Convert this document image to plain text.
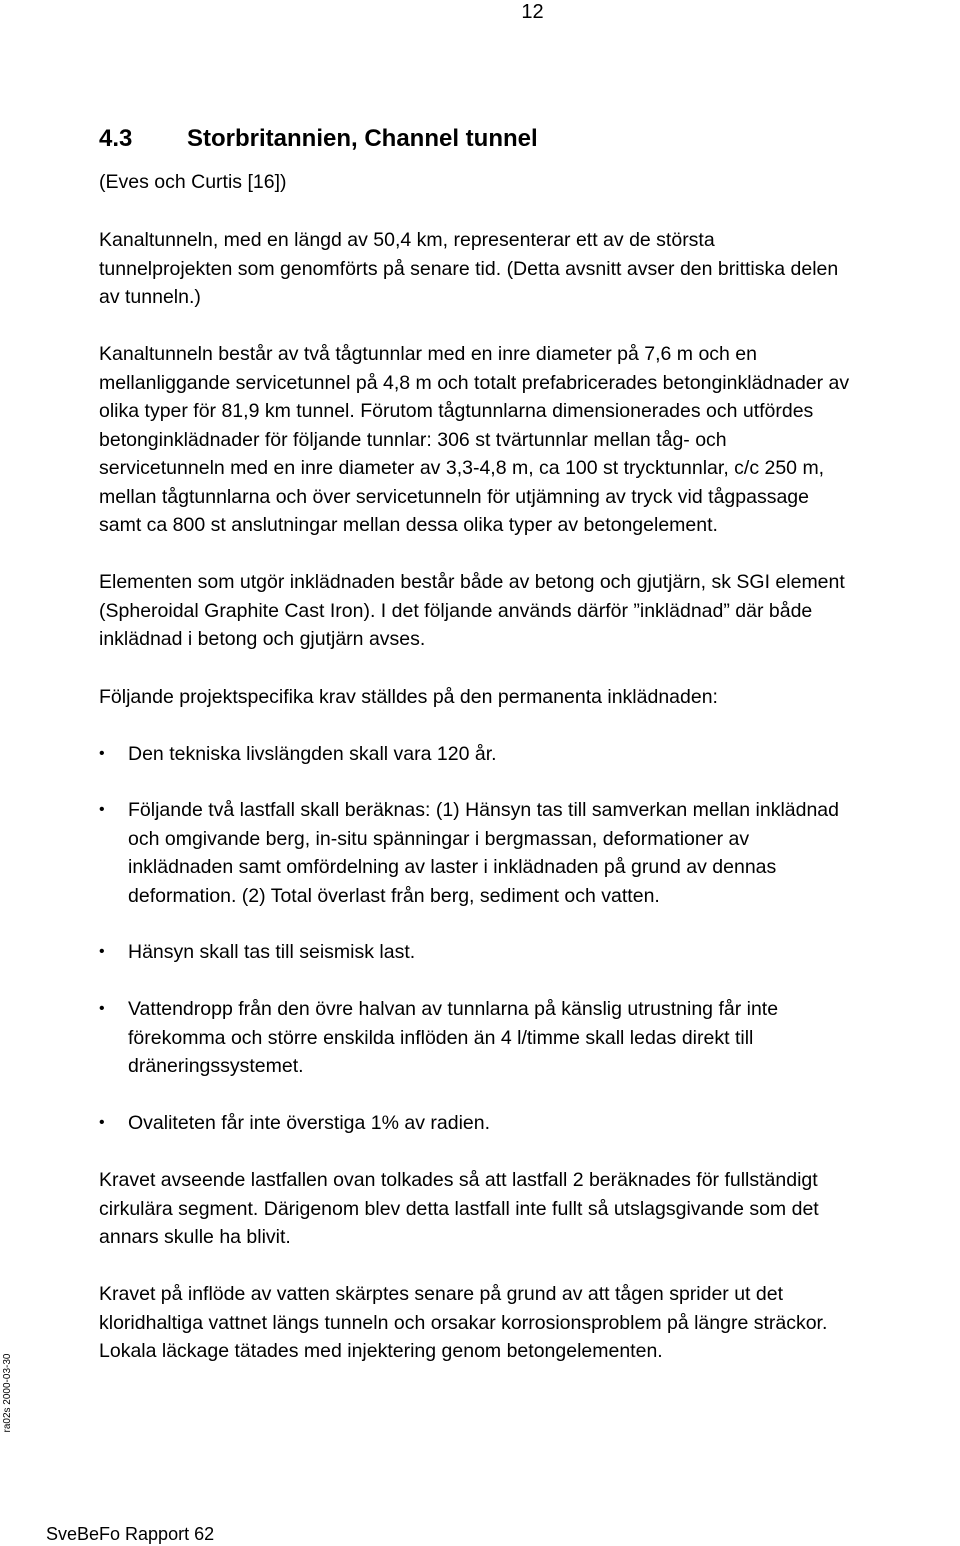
12
4.3 Storbritannien, Channel tunnel
(Eves och Curtis [16])
Kanaltunneln, med en längd av 50,4 km, representerar ett av de största
tunnelprojekten som genomförts på senare tid. (Detta avsnitt avser den brittiska delen
av tunneln.)
Kanaltunneln består av två tågtunnlar med en inre diameter på 7,6 m och en
mellanliggande servicetunnel på 4,8 m och totalt prefabricerades betonginklädnader av
olika typer för 81,9 km tunnel. Förutom tågtunnlarna dimensionerades och utfördes
betonginklädnader för följande tunnlar: 306 st tvärtunnlar mellan tåg- och
servicetunneln med en inre diameter av 3,3-4,8 m, ca 100 st trycktunnlar, c/c 250 m,
mellan tågtunnlarna och över servicetunneln för utjämning av tryck vid tågpassage
samt ca 800 st anslutningar mellan dessa olika typer av betongelement.
Elementen som utgör inklädnaden består både av betong och gjutjärn, sk SGI element
(Spheroidal Graphite Cast Iron). I det följande används därför ”inklädnad” där både
inklädnad i betong och gjutjärn avses.
Följande projektspecifika krav ställdes på den permanenta inklädnaden:
•	Den tekniska livslängden skall vara 120 år.
•	Följande två lastfall skall beräknas: (1) Hänsyn tas till samverkan mellan inklädnad
och omgivande berg, in-situ spänningar i bergmassan, deformationer av
inklädnaden samt omfördelning av laster i inklädnaden på grund av dennas
deformation. (2) Total överlast från berg, sediment och vatten.
•	Hänsyn skall tas till seismisk last.
•	Vattendropp från den övre halvan av tunnlarna på känslig utrustning får inte
förekomma och större enskilda inflöden än 4 l/timme skall ledas direkt till
dräneringssystemet.
•	Ovaliteten får inte överstiga 1% av radien.
Kravet avseende lastfallen ovan tolkades så att lastfall 2 beräknades för fullständigt
cirkulära segment. Därigenom blev detta lastfall inte fullt så utslagsgivande som det
annars skulle ha blivit.
Kravet på inflöde av vatten skärptes senare på grund av att tågen sprider ut det
kloridhaltiga vattnet längs tunneln och orsakar korrosionsproblem på längre sträckor.
Lokala läckage tätades med injektering genom betongelementen.
ra02s 2000-03-30
SveBeFo Rapport 62
